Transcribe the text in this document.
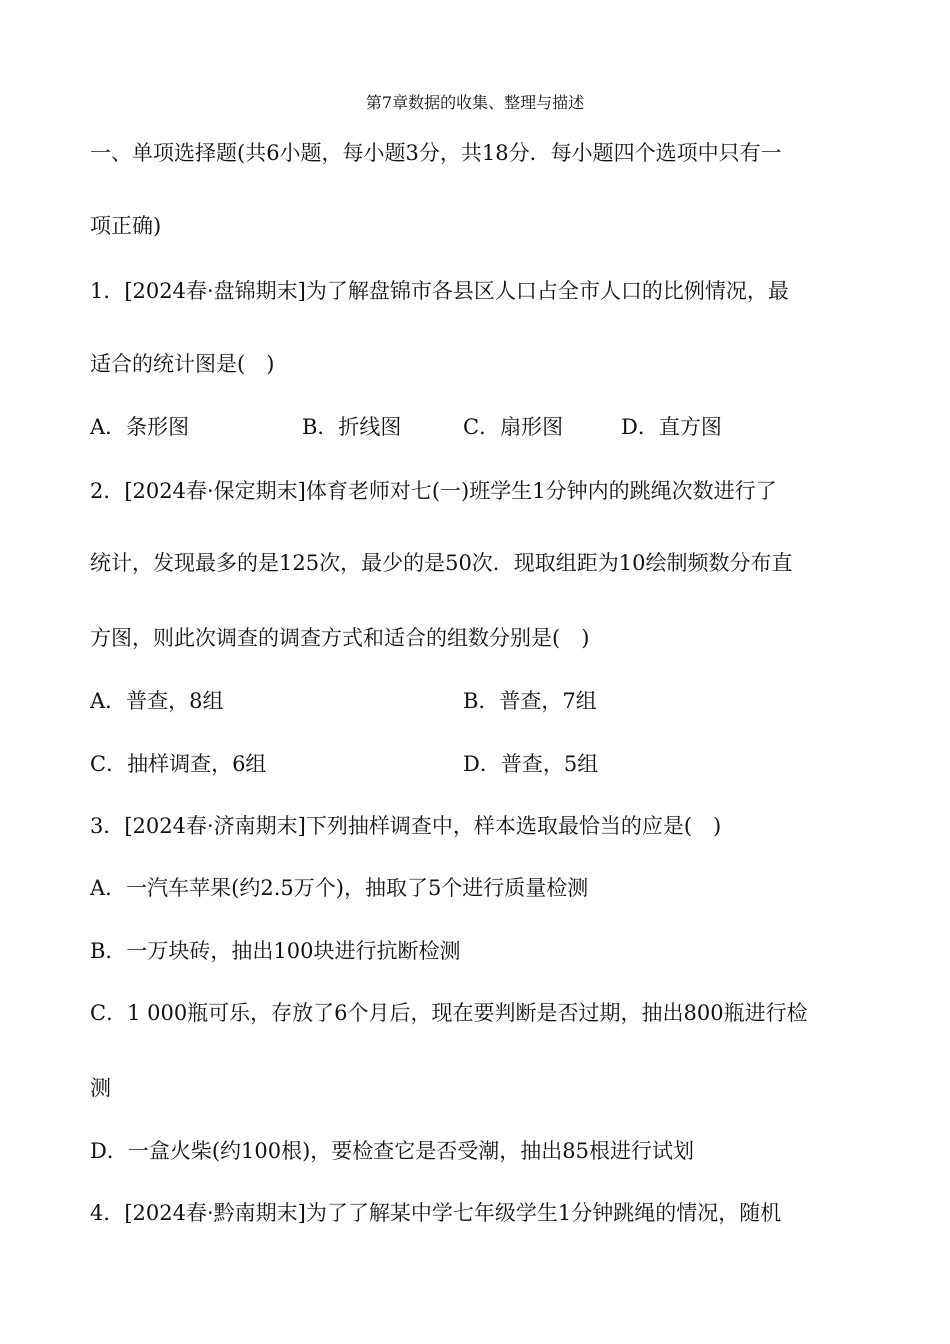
第7章数据的收集、整理与描述
一、单项选择题(共6小题，每小题3分，共18分．每小题四个选项中只有一
项正确)
1．[2024春·盘锦期末]为了解盘锦市各县区人口占全市人口的比例情况，最
适合的统计图是(　)
A．条形图	B．折线图	C．扇形图	D．直方图
2．[2024春·保定期末]体育老师对七(一)班学生1分钟内的跳绳次数进行了
统计，发现最多的是125次，最少的是50次．现取组距为10绘制频数分布直
方图，则此次调查的调查方式和适合的组数分别是(　)
A．普查，8组	B．普查，7组
C．抽样调查，6组	D．普查，5组
3．[2024春·济南期末]下列抽样调查中，样本选取最恰当的应是(　)
A．一汽车苹果(约2.5万个)，抽取了5个进行质量检测
B．一万块砖，抽出100块进行抗断检测
C．1 000瓶可乐，存放了6个月后，现在要判断是否过期，抽出800瓶进行检
测
D．一盒火柴(约100根)，要检查它是否受潮，抽出85根进行试划
4．[2024春·黔南期末]为了了解某中学七年级学生1分钟跳绳的情况，随机
